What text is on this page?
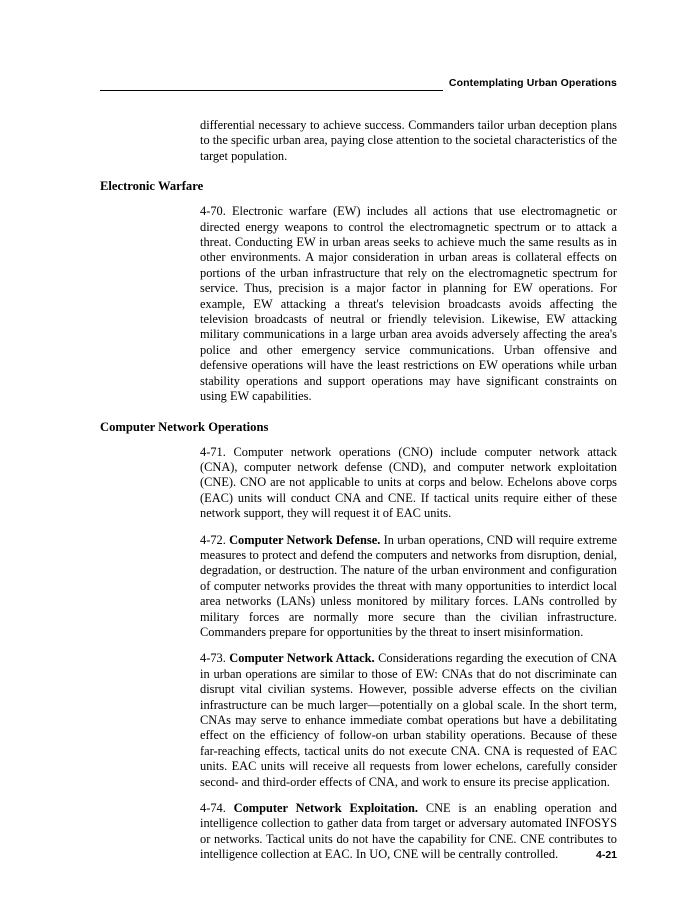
Contemplating Urban Operations

differential necessary to achieve success. Commanders tailor urban deception plans to the specific urban area, paying close attention to the societal characteristics of the target population.

Electronic Warfare

4-70. Electronic warfare (EW) includes all actions that use electromagnetic or directed energy weapons to control the electromagnetic spectrum or to attack a threat. Conducting EW in urban areas seeks to achieve much the same results as in other environments. A major consideration in urban areas is collateral effects on portions of the urban infrastructure that rely on the electromagnetic spectrum for service. Thus, precision is a major factor in planning for EW operations. For example, EW attacking a threat's television broadcasts avoids affecting the television broadcasts of neutral or friendly television. Likewise, EW attacking military communications in a large urban area avoids adversely affecting the area's police and other emergency service communications. Urban offensive and defensive operations will have the least restrictions on EW operations while urban stability operations and support operations may have significant constraints on using EW capabilities.

Computer Network Operations

4-71. Computer network operations (CNO) include computer network attack (CNA), computer network defense (CND), and computer network exploitation (CNE). CNO are not applicable to units at corps and below. Echelons above corps (EAC) units will conduct CNA and CNE. If tactical units require either of these network support, they will request it of EAC units.

4-72. Computer Network Defense. In urban operations, CND will require extreme measures to protect and defend the computers and networks from disruption, denial, degradation, or destruction. The nature of the urban environment and configuration of computer networks provides the threat with many opportunities to interdict local area networks (LANs) unless monitored by military forces. LANs controlled by military forces are normally more secure than the civilian infrastructure. Commanders prepare for opportunities by the threat to insert misinformation.

4-73. Computer Network Attack. Considerations regarding the execution of CNA in urban operations are similar to those of EW: CNAs that do not discriminate can disrupt vital civilian systems. However, possible adverse effects on the civilian infrastructure can be much larger—potentially on a global scale. In the short term, CNAs may serve to enhance immediate combat operations but have a debilitating effect on the efficiency of follow-on urban stability operations. Because of these far-reaching effects, tactical units do not execute CNA. CNA is requested of EAC units. EAC units will receive all requests from lower echelons, carefully consider second- and third-order effects of CNA, and work to ensure its precise application.

4-74. Computer Network Exploitation. CNE is an enabling operation and intelligence collection to gather data from target or adversary automated INFOSYS or networks. Tactical units do not have the capability for CNE. CNE contributes to intelligence collection at EAC. In UO, CNE will be centrally controlled.	4-21
